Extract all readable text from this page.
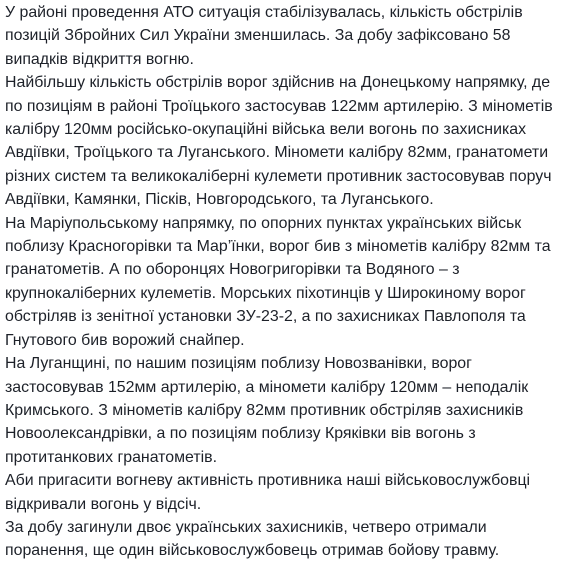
У районі проведення АТО ситуація стабілізувалась, кількість обстрілів позицій Збройних Сил України зменшилась. За добу зафіксовано 58 випадків відкриття вогню.

Найбільшу кількість обстрілів ворог здійснив на Донецькому напрямку, де по позиціям в районі Троїцького застосував 122мм артилерію. З мінометів калібру 120мм російсько-окупаційні війська вели вогонь по захисниках Авдіївки, Троїцького та Луганського. Міномети калібру 82мм, гранатомети різних систем та великокаліберні кулемети противник застосовував поруч Авдіївки, Камянки, Пісків, Новгородського, та Луганського.

На Маріупольському напрямку, по опорних пунктах українських військ поблизу Красногорівки та Мар’їнки, ворог бив з мінометів калібру 82мм та гранатометів. А по оборонцях Новогригорівки та Водяного – з крупнокаліберних кулеметів. Морських піхотинців у Широкиному ворог обстріляв із зенітної установки ЗУ-23-2, а по захисниках Павлополя та Гнутового бив ворожий снайпер.

На Луганщині, по нашим позиціям поблизу Новозванівки, ворог застосовував 152мм артилерію, а міномети калібру 120мм – неподалік Кримського. З мінометів калібру 82мм противник обстріляв захисників Новоолександрівки, а по позиціям поблизу Кряківки вів вогонь з протитанкових гранатометів.

Аби пригасити вогневу активність противника наші військовослужбовці відкривали вогонь у відсіч.

За добу загинули двоє українських захисників, четверо отримали поранення, ще один військовослужбовець отримав бойову травму.
